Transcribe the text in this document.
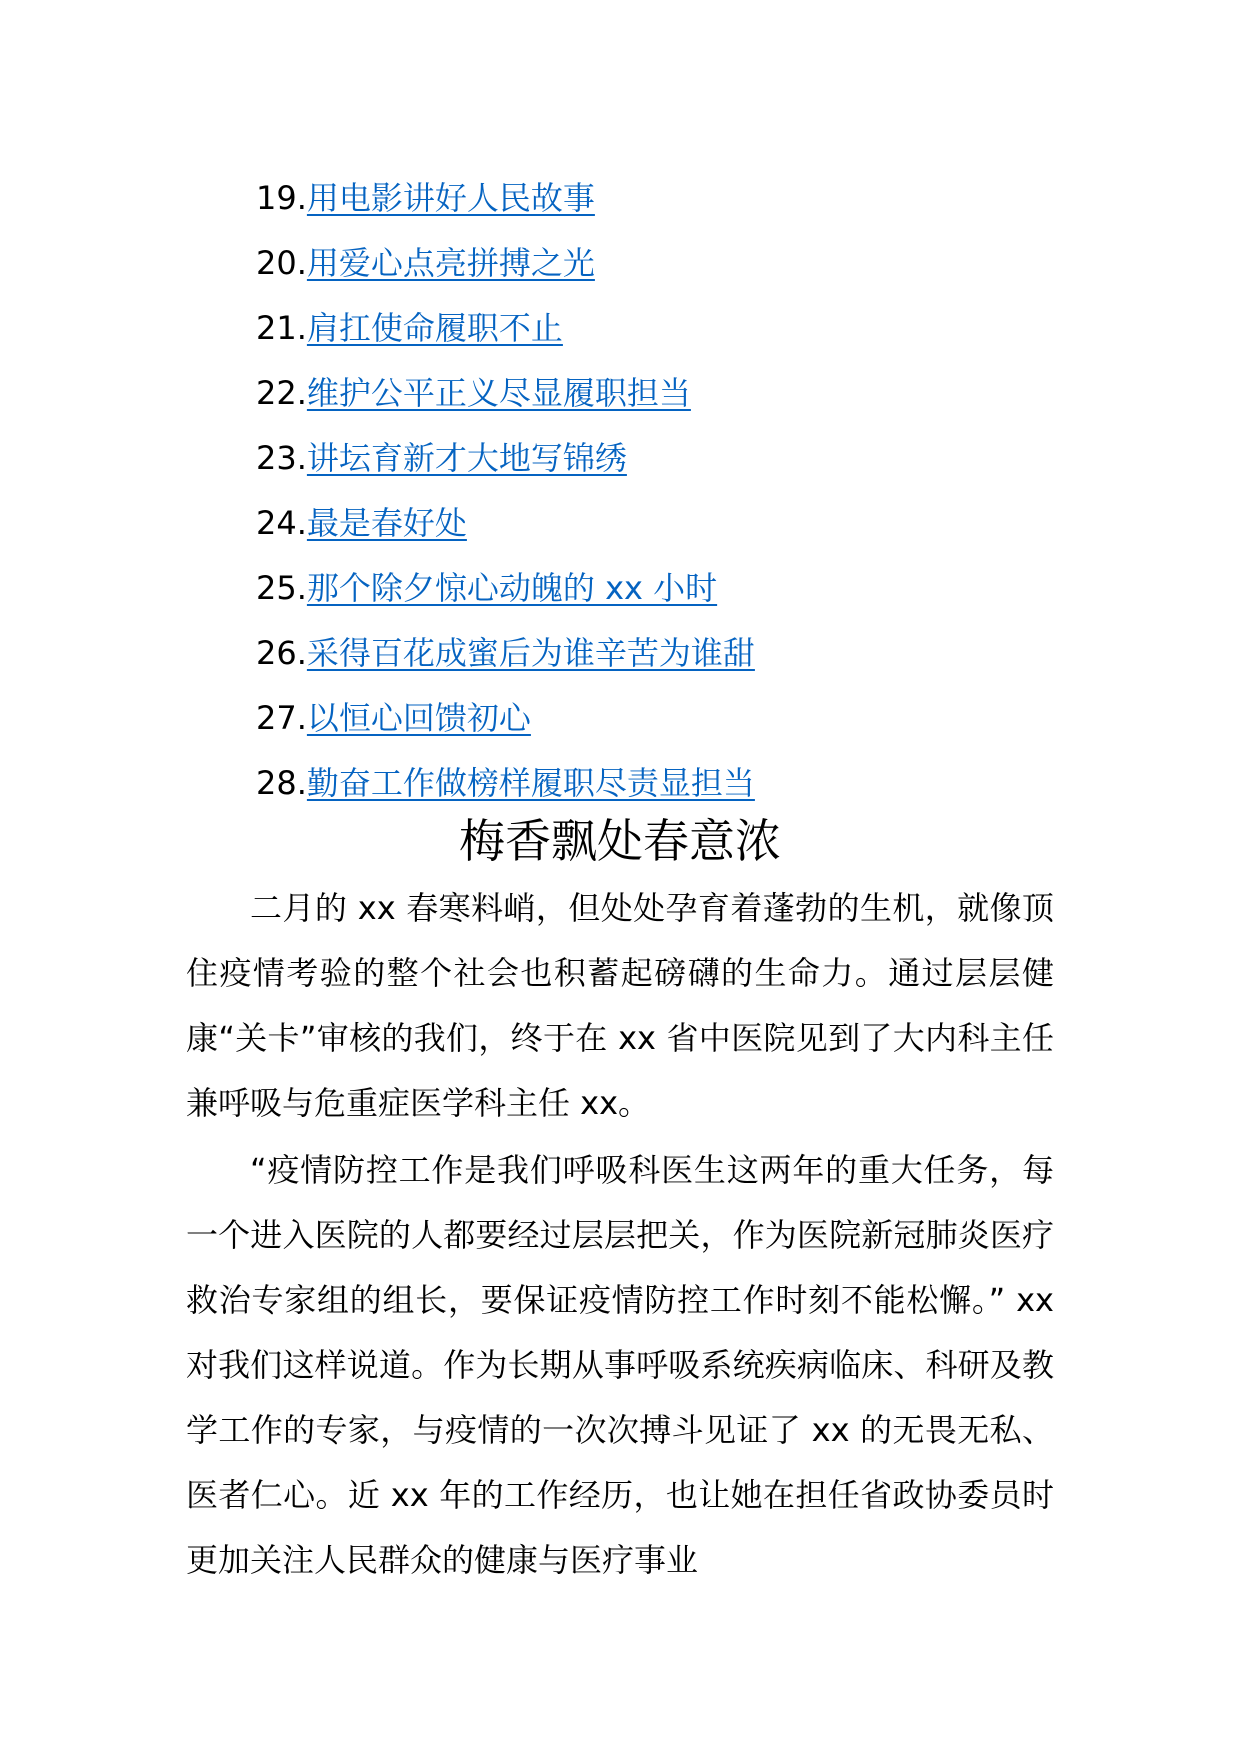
19.用电影讲好人民故事
20.用爱心点亮拼搏之光
21.肩扛使命履职不止
22.维护公平正义尽显履职担当
23.讲坛育新才大地写锦绣
24.最是春好处
25.那个除夕惊心动魄的 xx 小时
26.采得百花成蜜后为谁辛苦为谁甜
27.以恒心回馈初心
28.勤奋工作做榜样履职尽责显担当
梅香飘处春意浓

二月的 xx 春寒料峭，但处处孕育着蓬勃的生机，就像顶住疫情考验的整个社会也积蓄起磅礴的生命力。通过层层健康“关卡”审核的我们，终于在 xx 省中医院见到了大内科主任兼呼吸与危重症医学科主任 xx。

“疫情防控工作是我们呼吸科医生这两年的重大任务，每一个进入医院的人都要经过层层把关，作为医院新冠肺炎医疗救治专家组的组长，要保证疫情防控工作时刻不能松懈。” xx 对我们这样说道。作为长期从事呼吸系统疾病临床、科研及教学工作的专家，与疫情的一次次搏斗见证了 xx 的无畏无私、医者仁心。近 xx 年的工作经历，也让她在担任省政协委员时更加关注人民群众的健康与医疗事业
